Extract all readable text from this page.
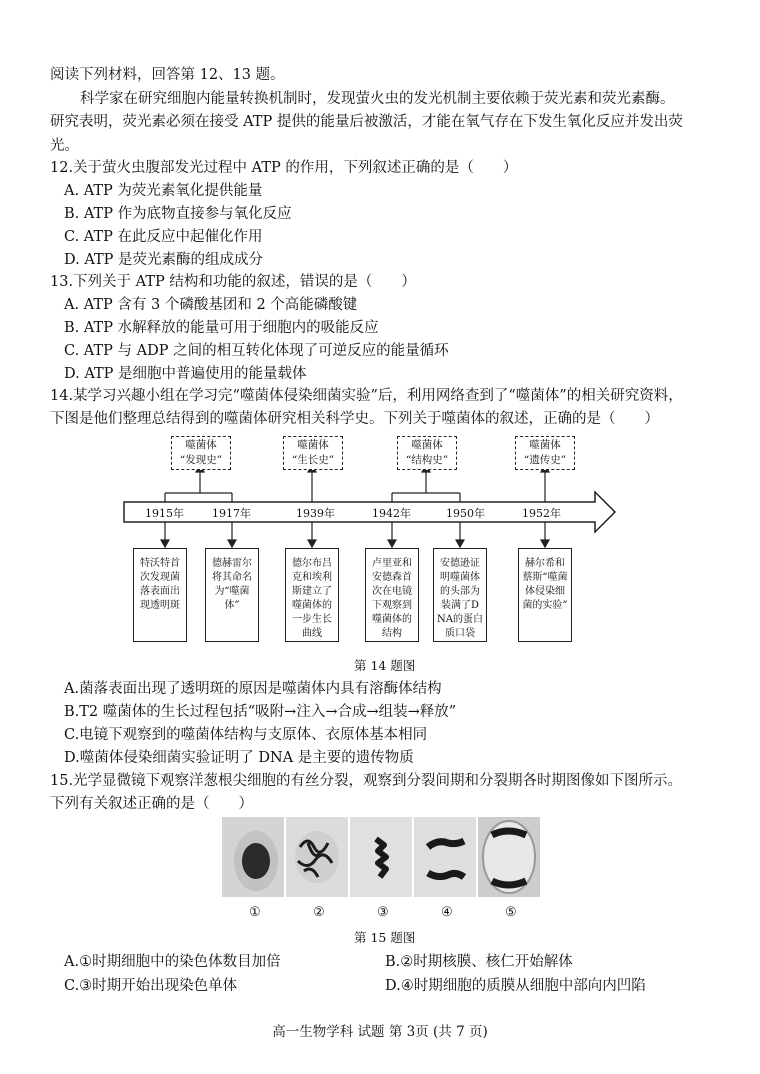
阅读下列材料，回答第 12、13 题。
科学家在研究细胞内能量转换机制时，发现萤火虫的发光机制主要依赖于荧光素和荧光素酶。
研究表明，荧光素必须在接受 ATP 提供的能量后被激活，才能在氧气存在下发生氧化反应并发出荧
光。
12.关于萤火虫腹部发光过程中 ATP 的作用，下列叙述正确的是（　　）
A. ATP 为荧光素氧化提供能量
B. ATP 作为底物直接参与氧化反应
C. ATP 在此反应中起催化作用
D. ATP 是荧光素酶的组成成分
13.下列关于 ATP 结构和功能的叙述，错误的是（　　）
A. ATP 含有 3 个磷酸基团和 2 个高能磷酸键
B. ATP 水解释放的能量可用于细胞内的吸能反应
C. ATP 与 ADP 之间的相互转化体现了可逆反应的能量循环
D. ATP 是细胞中普遍使用的能量载体
14.某学习兴趣小组在学习完“噬菌体侵染细菌实验”后，利用网络查到了“噬菌体”的相关研究资料，
下图是他们整理总结得到的噬菌体研究相关科学史。下列关于噬菌体的叙述，正确的是（　　）
噬菌体
“发现史”
噬菌体
“生长史”
噬菌体
“结构史”
噬菌体
“遗传史”
1915年	1917年	1939年	1942年	1950年	1952年
特沃特首次发现菌落表面出现透明斑
德赫雷尔将其命名为“噬菌体”
德尔布吕克和埃利斯建立了噬菌体的一步生长曲线
卢里亚和安德森首次在电镜下观察到噬菌体的结构
安德逊证明噬菌体的头部为装满了DNA的蛋白质口袋
赫尔希和蔡斯“噬菌体侵染细菌的实验”
第 14 题图
A.菌落表面出现了透明斑的原因是噬菌体内具有溶酶体结构
B.T2 噬菌体的生长过程包括“吸附→注入→合成→组装→释放”
C.电镜下观察到的噬菌体结构与支原体、衣原体基本相同
D.噬菌体侵染细菌实验证明了 DNA 是主要的遗传物质
15.光学显微镜下观察洋葱根尖细胞的有丝分裂，观察到分裂间期和分裂期各时期图像如下图所示。
下列有关叙述正确的是（　　）
①	②	③	④	⑤
第 15 题图
A.①时期细胞中的染色体数目加倍	B.②时期核膜、核仁开始解体
C.③时期开始出现染色单体	D.④时期细胞的质膜从细胞中部向内凹陷
高一生物学科 试题 第 3页 (共 7 页)
